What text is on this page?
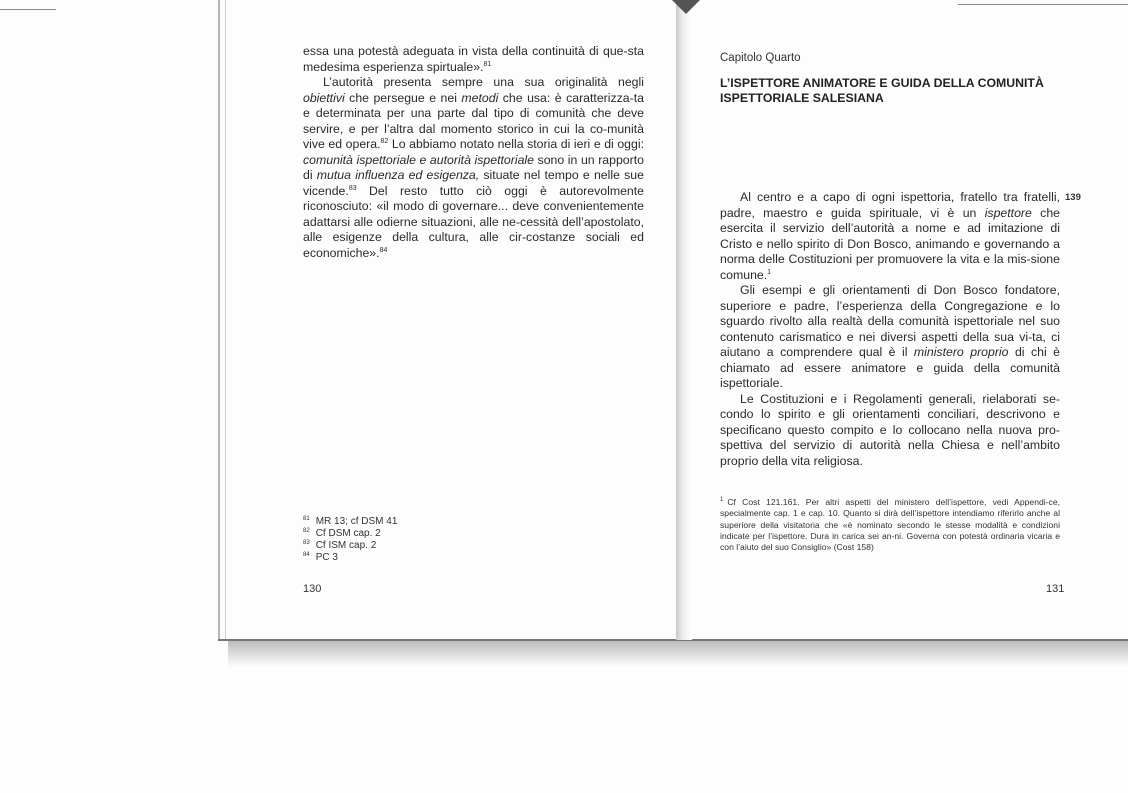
essa una potestà adeguata in vista della continuità di que-sta medesima esperienza spirtuale».$^{81}$

L’autorità presenta sempre una sua originalità negli obiettivi che persegue e nei metodi che usa: è caratterizza-ta e determinata per una parte dal tipo di comunità che deve servire, e per l’altra dal momento storico in cui la co-munità vive ed opera.$^{82}$ Lo abbiamo notato nella storia di ieri e di oggi: comunità ispettoriale e autorità ispettoriale sono in un rapporto di mutua influenza ed esigenza, situate nel tempo e nelle sue vicende.$^{83}$ Del resto tutto ciò oggi è autorevolmente riconosciuto: «il modo di governare... deve convenientemente adattarsi alle odierne situazioni, alle ne-cessità dell’apostolato, alle esigenze della cultura, alle cir-costanze sociali ed economiche».$^{84}$

$^{81}$ MR 13; cf DSM 41
$^{82}$ Cf DSM cap. 2
$^{83}$ Cf ISM cap. 2
$^{84}$ PC 3
130
Capitolo Quarto
L’ISPETTORE ANIMATORE E GUIDA DELLA COMUNITÀ ISPETTORIALE SALESIANA
139

Al centro e a capo di ogni ispettoria, fratello tra fratelli, padre, maestro e guida spirituale, vi è un ispettore che esercita il servizio dell’autorità a nome e ad imitazione di Cristo e nello spirito di Don Bosco, animando e governando a norma delle Costituzioni per promuovere la vita e la mis-sione comune.$^1$

Gli esempi e gli orientamenti di Don Bosco fondatore, superiore e padre, l’esperienza della Congregazione e lo sguardo rivolto alla realtà della comunità ispettoriale nel suo contenuto carismatico e nei diversi aspetti della sua vi-ta, ci aiutano a comprendere qual è il ministero proprio di chi è chiamato ad essere animatore e guida della comunità ispettoriale.

Le Costituzioni e i Regolamenti generali, rielaborati se-condo lo spirito e gli orientamenti conciliari, descrivono e specificano questo compito e lo collocano nella nuova pro-spettiva del servizio di autorità nella Chiesa e nell’ambito proprio della vita religiosa.

$^1$ Cf Cost 121.161. Per altri aspetti del ministero dell’ispettore, vedi Appendi-ce, specialmente cap. 1 e cap. 10. Quanto si dirà dell’ispettore intendiamo riferirlo anche al superiore della visitatoria che «è nominato secondo le stesse modalità e condizioni indicate per l’ispettore. Dura in carica sei an-ni. Governa con potestà ordinaria vicaria e con l’aiuto del suo Consiglio» (Cost 158)
131
